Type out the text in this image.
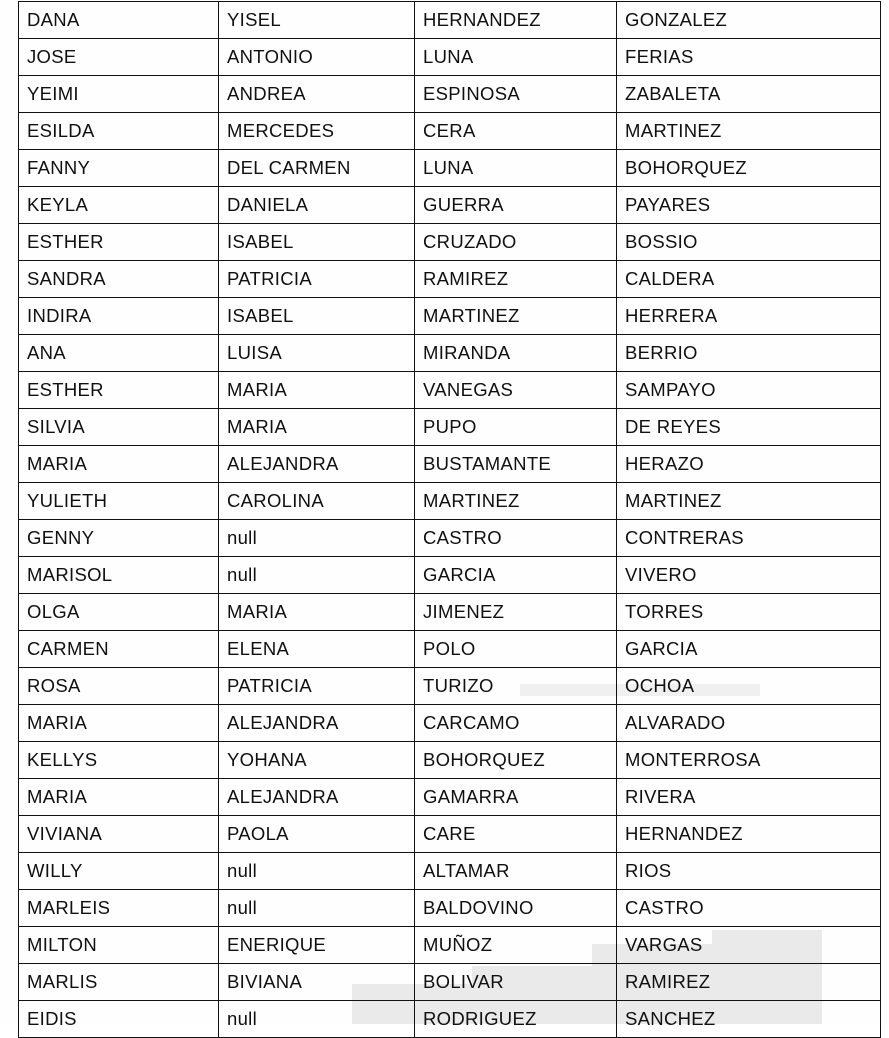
DANA	YISEL	HERNANDEZ	GONZALEZ
JOSE	ANTONIO	LUNA	FERIAS
YEIMI	ANDREA	ESPINOSA	ZABALETA
ESILDA	MERCEDES	CERA	MARTINEZ
FANNY	DEL CARMEN	LUNA	BOHORQUEZ
KEYLA	DANIELA	GUERRA	PAYARES
ESTHER	ISABEL	CRUZADO	BOSSIO
SANDRA	PATRICIA	RAMIREZ	CALDERA
INDIRA	ISABEL	MARTINEZ	HERRERA
ANA	LUISA	MIRANDA	BERRIO
ESTHER	MARIA	VANEGAS	SAMPAYO
SILVIA	MARIA	PUPO	DE REYES
MARIA	ALEJANDRA	BUSTAMANTE	HERAZO
YULIETH	CAROLINA	MARTINEZ	MARTINEZ
GENNY	null	CASTRO	CONTRERAS
MARISOL	null	GARCIA	VIVERO
OLGA	MARIA	JIMENEZ	TORRES
CARMEN	ELENA	POLO	GARCIA
ROSA	PATRICIA	TURIZO	OCHOA
MARIA	ALEJANDRA	CARCAMO	ALVARADO
KELLYS	YOHANA	BOHORQUEZ	MONTERROSA
MARIA	ALEJANDRA	GAMARRA	RIVERA
VIVIANA	PAOLA	CARE	HERNANDEZ
WILLY	null	ALTAMAR	RIOS
MARLEIS	null	BALDOVINO	CASTRO
MILTON	ENERIQUE	MUÑOZ	VARGAS
MARLIS	BIVIANA	BOLIVAR	RAMIREZ
EIDIS	null	RODRIGUEZ	SANCHEZ
